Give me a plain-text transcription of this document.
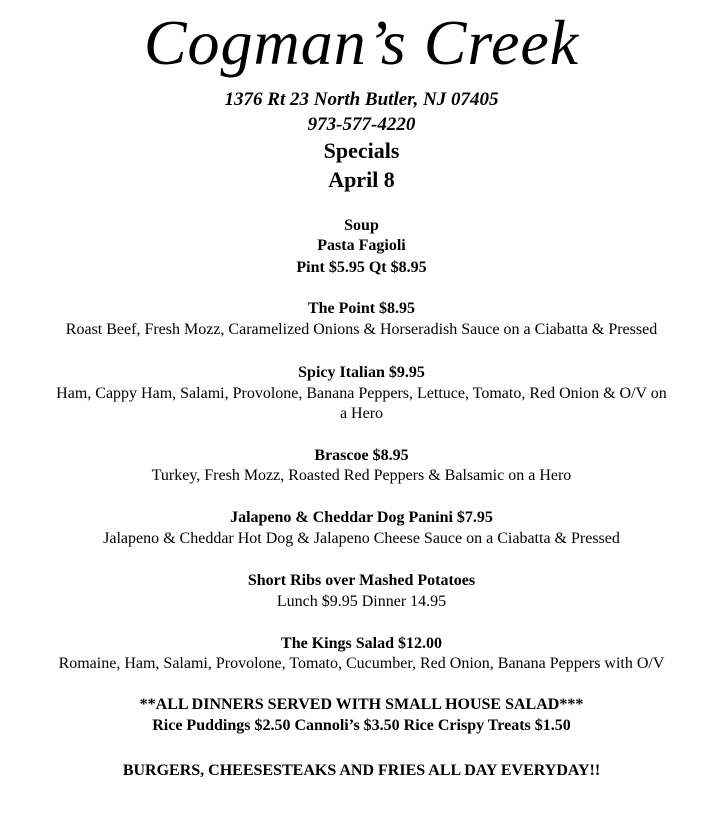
Cogman’s Creek
1376 Rt 23 North Butler, NJ 07405
973-577-4220
Specials
April 8
Soup
Pasta Fagioli
Pint $5.95 Qt $8.95
The Point $8.95
Roast Beef, Fresh Mozz, Caramelized Onions & Horseradish Sauce on a Ciabatta & Pressed
Spicy Italian $9.95
Ham, Cappy Ham, Salami, Provolone, Banana Peppers, Lettuce, Tomato, Red Onion & O/V on
a Hero
Brascoe $8.95
Turkey, Fresh Mozz, Roasted Red Peppers & Balsamic on a Hero
Jalapeno & Cheddar Dog Panini $7.95
Jalapeno & Cheddar Hot Dog & Jalapeno Cheese Sauce on a Ciabatta & Pressed
Short Ribs over Mashed Potatoes
Lunch $9.95 Dinner 14.95
The Kings Salad $12.00
Romaine, Ham, Salami, Provolone, Tomato, Cucumber, Red Onion, Banana Peppers with O/V
**ALL DINNERS SERVED WITH SMALL HOUSE SALAD***
Rice Puddings $2.50 Cannoli’s $3.50 Rice Crispy Treats $1.50
BURGERS, CHEESESTEAKS AND FRIES ALL DAY EVERYDAY!!
